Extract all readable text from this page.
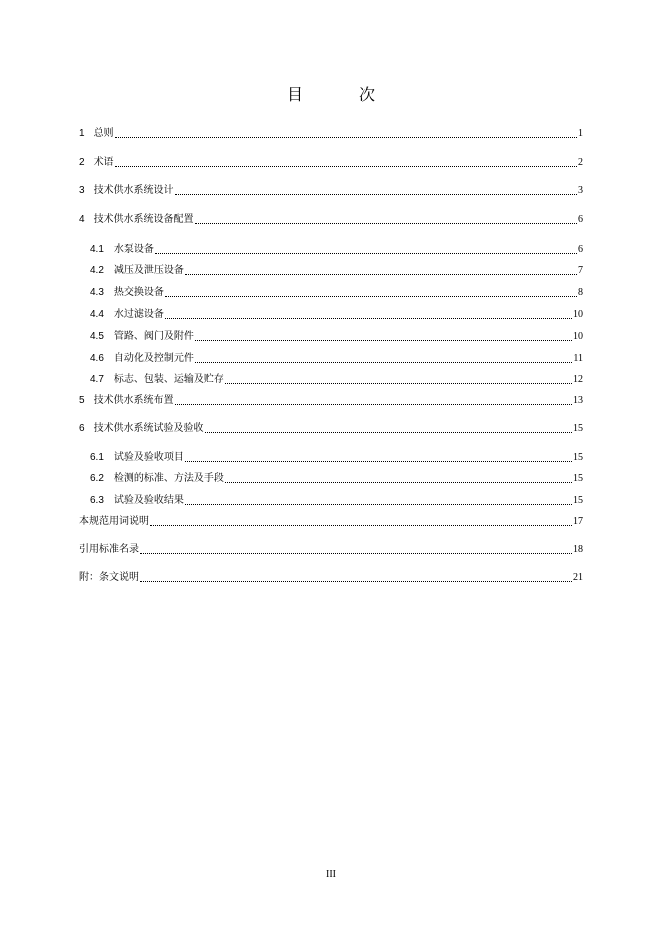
目　次
1 总则	1
2 术语	2
3 技术供水系统设计	3
4 技术供水系统设备配置	6
4.1 水泵设备	6
4.2 减压及泄压设备	7
4.3 热交换设备	8
4.4 水过滤设备	10
4.5 管路、阀门及附件	10
4.6 自动化及控制元件	11
4.7 标志、包装、运输及贮存	12
5 技术供水系统布置	13
6 技术供水系统试验及验收	15
6.1 试验及验收项目	15
6.2 检测的标准、方法及手段	15
6.3 试验及验收结果	15
本规范用词说明	17
引用标准名录	18
附：条文说明	21
III
